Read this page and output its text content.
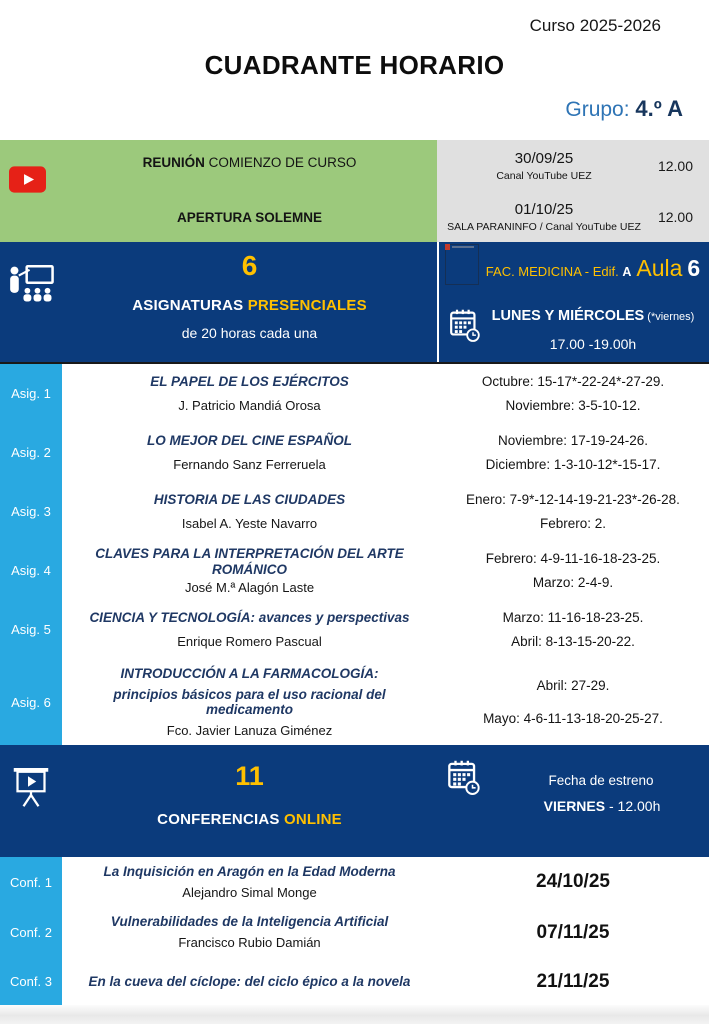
Curso 2025-2026
CUADRANTE HORARIO
Grupo: 4.º A
REUNIÓN COMIENZO DE CURSO
APERTURA SOLEMNE
30/09/25
Canal YouTube UEZ
12.00
01/10/25
SALA PARANINFO / Canal YouTube UEZ
12.00
6
ASIGNATURAS PRESENCIALES
de 20 horas cada una
FAC. MEDICINA - Edif. A Aula 6
LUNES Y MIÉRCOLES (*viernes)
17.00 -19.00h
Asig. 1
EL PAPEL DE LOS EJÉRCITOS
J. Patricio Mandiá Orosa
Octubre: 15-17*-22-24*-27-29.
Noviembre: 3-5-10-12.
Asig. 2
LO MEJOR DEL CINE ESPAÑOL
Fernando Sanz Ferreruela
Noviembre: 17-19-24-26.
Diciembre: 1-3-10-12*-15-17.
Asig. 3
HISTORIA DE LAS CIUDADES
Isabel A. Yeste Navarro
Enero: 7-9*-12-14-19-21-23*-26-28.
Febrero: 2.
Asig. 4
CLAVES PARA LA INTERPRETACIÓN DEL ARTE ROMÁNICO
José M.ª Alagón Laste
Febrero: 4-9-11-16-18-23-25.
Marzo: 2-4-9.
Asig. 5
CIENCIA Y TECNOLOGÍA: avances y perspectivas
Enrique Romero Pascual
Marzo: 11-16-18-23-25.
Abril: 8-13-15-20-22.
Asig. 6
INTRODUCCIÓN A LA FARMACOLOGÍA:
principios básicos para el uso racional del medicamento
Fco. Javier Lanuza Giménez
Abril: 27-29.
Mayo: 4-6-11-13-18-20-25-27.
11
CONFERENCIAS ONLINE
Fecha de estreno
VIERNES - 12.00h
Conf. 1
La Inquisición en Aragón en la Edad Moderna
Alejandro Simal Monge
24/10/25
Conf. 2
Vulnerabilidades de la Inteligencia Artificial
Francisco Rubio Damián
07/11/25
Conf. 3	En la cueva del cíclope: del ciclo épico a la novela	21/11/25
